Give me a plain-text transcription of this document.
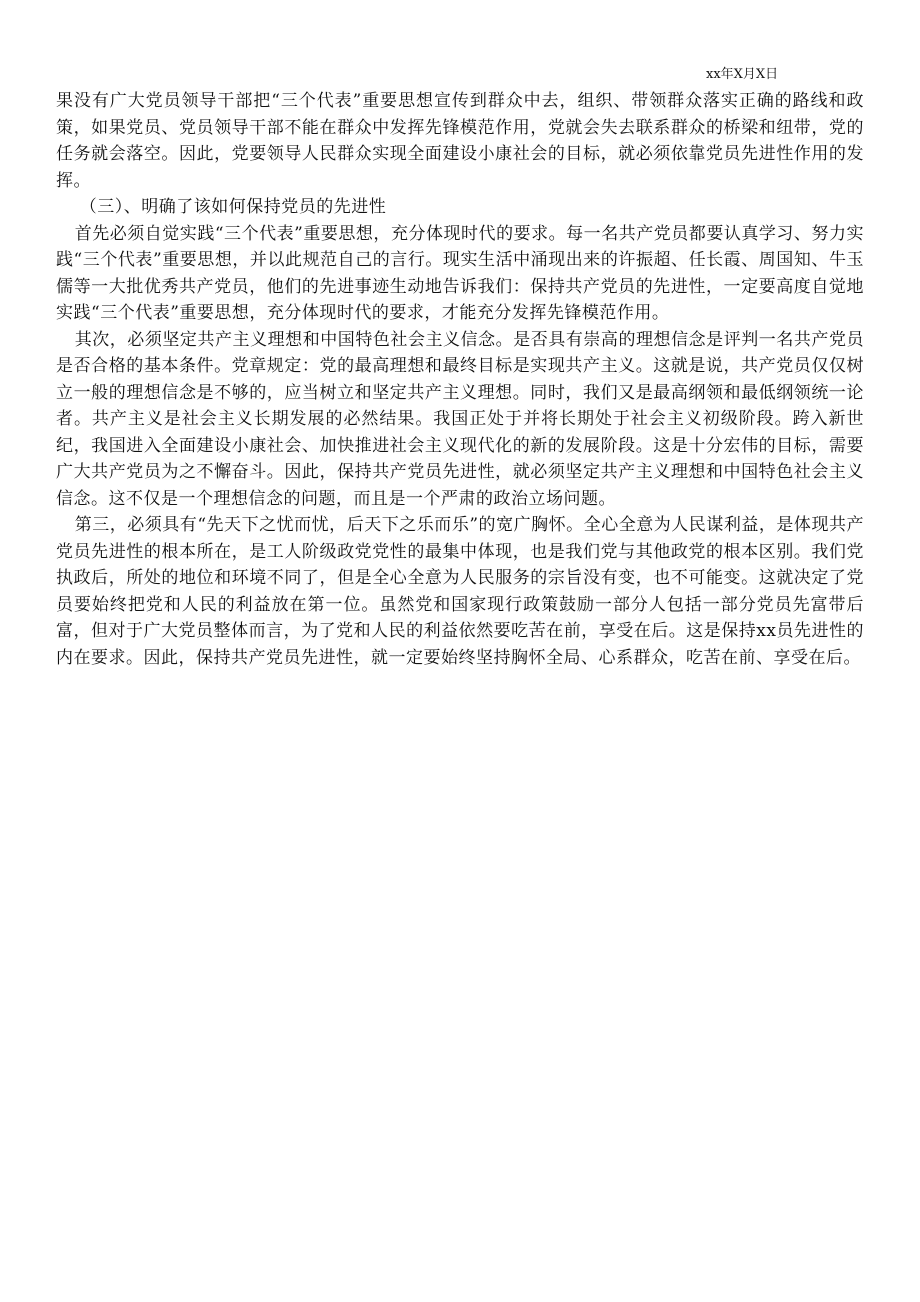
xx年X月X日

果没有广大党员领导干部把“三个代表”重要思想宣传到群众中去，组织、带领群众落实正确的路线和政策，如果党员、党员领导干部不能在群众中发挥先锋模范作用，党就会失去联系群众的桥梁和纽带，党的任务就会落空。因此，党要领导人民群众实现全面建设小康社会的目标，就必须依靠党员先进性作用的发挥。

（三）、明确了该如何保持党员的先进性

首先必须自觉实践“三个代表”重要思想，充分体现时代的要求。每一名共产党员都要认真学习、努力实践“三个代表”重要思想，并以此规范自己的言行。现实生活中涌现出来的许振超、任长霞、周国知、牛玉儒等一大批优秀共产党员，他们的先进事迹生动地告诉我们：保持共产党员的先进性，一定要高度自觉地实践“三个代表”重要思想，充分体现时代的要求，才能充分发挥先锋模范作用。

其次，必须坚定共产主义理想和中国特色社会主义信念。是否具有崇高的理想信念是评判一名共产党员是否合格的基本条件。党章规定：党的最高理想和最终目标是实现共产主义。这就是说，共产党员仅仅树立一般的理想信念是不够的，应当树立和坚定共产主义理想。同时，我们又是最高纲领和最低纲领统一论者。共产主义是社会主义长期发展的必然结果。我国正处于并将长期处于社会主义初级阶段。跨入新世纪，我国进入全面建设小康社会、加快推进社会主义现代化的新的发展阶段。这是十分宏伟的目标，需要广大共产党员为之不懈奋斗。因此，保持共产党员先进性，就必须坚定共产主义理想和中国特色社会主义信念。这不仅是一个理想信念的问题，而且是一个严肃的政治立场问题。

第三，必须具有“先天下之忧而忧，后天下之乐而乐”的宽广胸怀。全心全意为人民谋利益，是体现共产党员先进性的根本所在，是工人阶级政党党性的最集中体现，也是我们党与其他政党的根本区别。我们党执政后，所处的地位和环境不同了，但是全心全意为人民服务的宗旨没有变，也不可能变。这就决定了党员要始终把党和人民的利益放在第一位。虽然党和国家现行政策鼓励一部分人包括一部分党员先富带后富，但对于广大党员整体而言，为了党和人民的利益依然要吃苦在前，享受在后。这是保持xx员先进性的内在要求。因此，保持共产党员先进性，就一定要始终坚持胸怀全局、心系群众，吃苦在前、享受在后。
